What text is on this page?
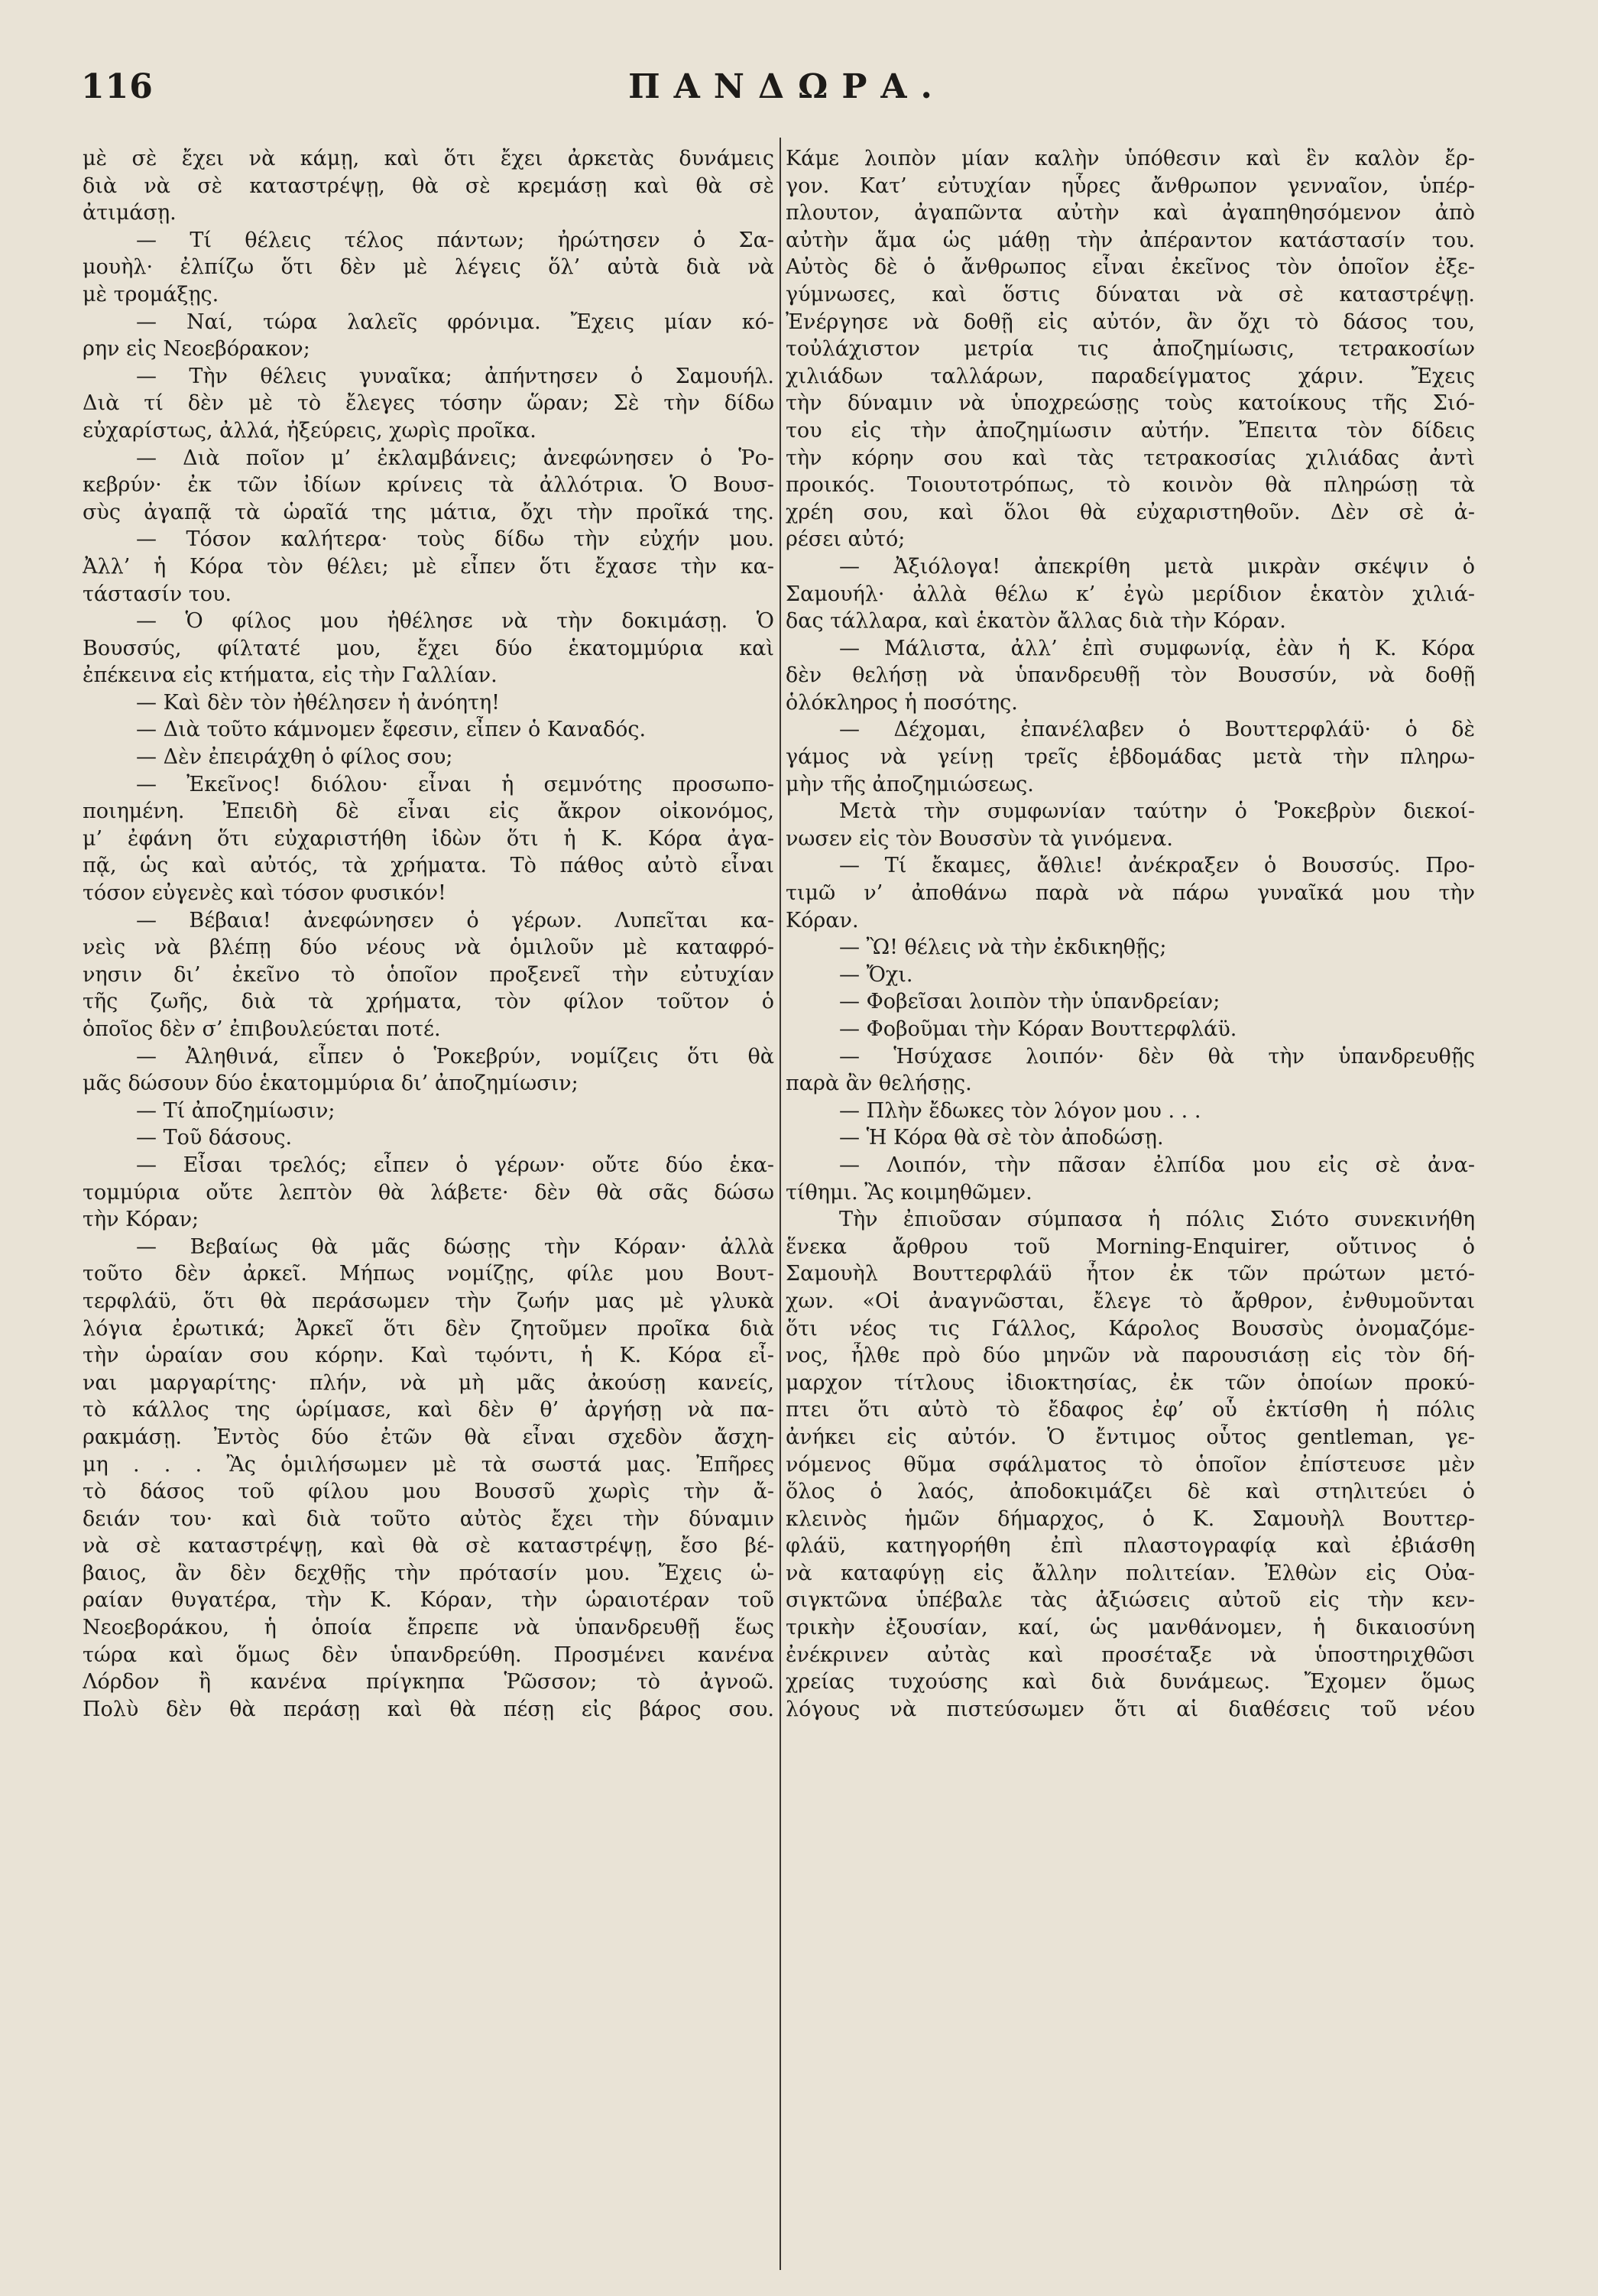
116	ΠΑΝΔΩΡΑ.
μὲ σὲ ἔχει νὰ κάμῃ, καὶ ὅτι ἔχει ἀρκετὰς δυνάμεις
διὰ νὰ σὲ καταστρέψῃ, θὰ σὲ κρεμάσῃ καὶ θὰ σὲ
ἀτιμάσῃ.
— Τί θέλεις τέλος πάντων; ἠρώτησεν ὁ Σα-
μουὴλ· ἐλπίζω ὅτι δὲν μὲ λέγεις ὅλ’ αὐτὰ διὰ νὰ
μὲ τρομάξῃς.
— Ναί, τώρα λαλεῖς φρόνιμα. Ἔχεις μίαν κό-
ρην εἰς Νεοεβόρακον;
— Τὴν θέλεις γυναῖκα; ἀπήντησεν ὁ Σαμουήλ.
Διὰ τί δὲν μὲ τὸ ἔλεγες τόσην ὥραν; Σὲ τὴν δίδω
εὐχαρίστως, ἀλλά, ἠξεύρεις, χωρὶς προῖκα.
— Διὰ ποῖον μ’ ἐκλαμβάνεις; ἀνεφώνησεν ὁ Ῥο-
κεβρύν· ἐκ τῶν ἰδίων κρίνεις τὰ ἀλλότρια. Ὁ Βουσ-
σὺς ἀγαπᾷ τὰ ὡραῖά της μάτια, ὄχι τὴν προῖκά της.
— Τόσον καλήτερα· τοὺς δίδω τὴν εὐχήν μου.
Ἀλλ’ ἡ Κόρα τὸν θέλει; μὲ εἶπεν ὅτι ἔχασε τὴν κα-
τάστασίν του.
— Ὁ φίλος μου ἠθέλησε νὰ τὴν δοκιμάσῃ. Ὁ
Βουσσύς, φίλτατέ μου, ἔχει δύο ἑκατομμύρια καὶ
ἐπέκεινα εἰς κτήματα, εἰς τὴν Γαλλίαν.
— Καὶ δὲν τὸν ἠθέλησεν ἡ ἀνόητη!
— Διὰ τοῦτο κάμνομεν ἔφεσιν, εἶπεν ὁ Καναδός.
— Δὲν ἐπειράχθη ὁ φίλος σου;
— Ἐκεῖνος! διόλου· εἶναι ἡ σεμνότης προσωπο-
ποιημένη. Ἐπειδὴ δὲ εἶναι εἰς ἄκρον οἰκονόμος,
μ’ ἐφάνη ὅτι εὐχαριστήθη ἰδὼν ὅτι ἡ Κ. Κόρα ἀγα-
πᾷ, ὡς καὶ αὐτός, τὰ χρήματα. Τὸ πάθος αὐτὸ εἶναι
τόσον εὐγενὲς καὶ τόσον φυσικόν!
— Βέβαια! ἀνεφώνησεν ὁ γέρων. Λυπεῖται κα-
νεὶς νὰ βλέπῃ δύο νέους νὰ ὁμιλοῦν μὲ καταφρό-
νησιν δι’ ἐκεῖνο τὸ ὁποῖον προξενεῖ τὴν εὐτυχίαν
τῆς ζωῆς, διὰ τὰ χρήματα, τὸν φίλον τοῦτον ὁ
ὁποῖος δὲν σ’ ἐπιβουλεύεται ποτέ.
— Ἀληθινά, εἶπεν ὁ Ῥοκεβρύν, νομίζεις ὅτι θὰ
μᾶς δώσουν δύο ἑκατομμύρια δι’ ἀποζημίωσιν;
— Τί ἀποζημίωσιν;
— Τοῦ δάσους.
— Εἶσαι τρελός; εἶπεν ὁ γέρων· οὔτε δύο ἑκα-
τομμύρια οὔτε λεπτὸν θὰ λάβετε· δὲν θὰ σᾶς δώσω
τὴν Κόραν;
— Βεβαίως θὰ μᾶς δώσῃς τὴν Κόραν· ἀλλὰ
τοῦτο δὲν ἀρκεῖ. Μήπως νομίζῃς, φίλε μου Βουτ-
τερφλάϋ, ὅτι θὰ περάσωμεν τὴν ζωήν μας μὲ γλυκὰ
λόγια ἐρωτικά; Ἀρκεῖ ὅτι δὲν ζητοῦμεν προῖκα διὰ
τὴν ὡραίαν σου κόρην. Καὶ τῳόντι, ἡ Κ. Κόρα εἶ-
ναι μαργαρίτης· πλήν, νὰ μὴ μᾶς ἀκούσῃ κανείς,
τὸ κάλλος της ὡρίμασε, καὶ δὲν θ’ ἀργήσῃ νὰ πα-
ρακμάσῃ. Ἐντὸς δύο ἐτῶν θὰ εἶναι σχεδὸν ἄσχη-
μη . . . Ἂς ὁμιλήσωμεν μὲ τὰ σωστά μας. Ἐπῆρες
τὸ δάσος τοῦ φίλου μου Βουσσῦ χωρὶς τὴν ἄ-
δειάν του· καὶ διὰ τοῦτο αὐτὸς ἔχει τὴν δύναμιν
νὰ σὲ καταστρέψῃ, καὶ θὰ σὲ καταστρέψῃ, ἔσο βέ-
βαιος, ἂν δὲν δεχθῇς τὴν πρότασίν μου. Ἔχεις ὡ-
ραίαν θυγατέρα, τὴν Κ. Κόραν, τὴν ὡραιοτέραν τοῦ
Νεοεβοράκου, ἡ ὁποία ἔπρεπε νὰ ὑπανδρευθῇ ἕως
τώρα καὶ ὅμως δὲν ὑπανδρεύθη. Προσμένει κανένα
Λόρδον ἢ κανένα πρίγκηπα Ῥῶσσον; τὸ ἀγνοῶ.
Πολὺ δὲν θὰ περάσῃ καὶ θὰ πέσῃ εἰς βάρος σου.
Κάμε λοιπὸν μίαν καλὴν ὑπόθεσιν καὶ ἓν καλὸν ἔρ-
γον. Κατ’ εὐτυχίαν ηὗρες ἄνθρωπον γενναῖον, ὑπέρ-
πλουτον, ἀγαπῶντα αὐτὴν καὶ ἀγαπηθησόμενον ἀπὸ
αὐτὴν ἅμα ὡς μάθῃ τὴν ἀπέραντον κατάστασίν του.
Αὐτὸς δὲ ὁ ἄνθρωπος εἶναι ἐκεῖνος τὸν ὁποῖον ἐξε-
γύμνωσες, καὶ ὅστις δύναται νὰ σὲ καταστρέψῃ.
Ἐνέργησε νὰ δοθῇ εἰς αὐτόν, ἂν ὄχι τὸ δάσος του,
τοὐλάχιστον μετρία τις ἀποζημίωσις, τετρακοσίων
χιλιάδων ταλλάρων, παραδείγματος χάριν. Ἔχεις
τὴν δύναμιν νὰ ὑποχρεώσῃς τοὺς κατοίκους τῆς Σιό-
του εἰς τὴν ἀποζημίωσιν αὐτήν. Ἔπειτα τὸν δίδεις
τὴν κόρην σου καὶ τὰς τετρακοσίας χιλιάδας ἀντὶ
προικός. Τοιουτοτρόπως, τὸ κοινὸν θὰ πληρώσῃ τὰ
χρέη σου, καὶ ὅλοι θὰ εὐχαριστηθοῦν. Δὲν σὲ ἀ-
ρέσει αὐτό;
— Ἀξιόλογα! ἀπεκρίθη μετὰ μικρὰν σκέψιν ὁ
Σαμουήλ· ἀλλὰ θέλω κ’ ἐγὼ μερίδιον ἑκατὸν χιλιά-
δας τάλλαρα, καὶ ἑκατὸν ἄλλας διὰ τὴν Κόραν.
— Μάλιστα, ἀλλ’ ἐπὶ συμφωνίᾳ, ἐὰν ἡ Κ. Κόρα
δὲν θελήσῃ νὰ ὑπανδρευθῇ τὸν Βουσσύν, νὰ δοθῇ
ὁλόκληρος ἡ ποσότης.
— Δέχομαι, ἐπανέλαβεν ὁ Βουττερφλάϋ· ὁ δὲ
γάμος νὰ γείνῃ τρεῖς ἑβδομάδας μετὰ τὴν πληρω-
μὴν τῆς ἀποζημιώσεως.
Μετὰ τὴν συμφωνίαν ταύτην ὁ Ῥοκεβρὺν διεκοί-
νωσεν εἰς τὸν Βουσσὺν τὰ γινόμενα.
— Τί ἔκαμες, ἄθλιε! ἀνέκραξεν ὁ Βουσσύς. Προ-
τιμῶ ν’ ἀποθάνω παρὰ νὰ πάρω γυναῖκά μου τὴν
Κόραν.
— Ὢ! θέλεις νὰ τὴν ἐκδικηθῇς;
— Ὄχι.
— Φοβεῖσαι λοιπὸν τὴν ὑπανδρείαν;
— Φοβοῦμαι τὴν Κόραν Βουττερφλάϋ.
— Ἡσύχασε λοιπόν· δὲν θὰ τὴν ὑπανδρευθῇς
παρὰ ἂν θελήσῃς.
— Πλὴν ἔδωκες τὸν λόγον μου . . .
— Ἡ Κόρα θὰ σὲ τὸν ἀποδώσῃ.
— Λοιπόν, τὴν πᾶσαν ἐλπίδα μου εἰς σὲ ἀνα-
τίθημι. Ἂς κοιμηθῶμεν.
Τὴν ἐπιοῦσαν σύμπασα ἡ πόλις Σιότο συνεκινήθη
ἕνεκα ἄρθρου τοῦ Morning-Enquirer, οὔτινος ὁ
Σαμουὴλ Βουττερφλάϋ ἦτον ἐκ τῶν πρώτων μετό-
χων. «Οἱ ἀναγνῶσται, ἔλεγε τὸ ἄρθρον, ἐνθυμοῦνται
ὅτι νέος τις Γάλλος, Κάρολος Βουσσὺς ὀνομαζόμε-
νος, ἦλθε πρὸ δύο μηνῶν νὰ παρουσιάσῃ εἰς τὸν δή-
μαρχον τίτλους ἰδιοκτησίας, ἐκ τῶν ὁποίων προκύ-
πτει ὅτι αὐτὸ τὸ ἔδαφος ἐφ’ οὗ ἐκτίσθη ἡ πόλις
ἀνήκει εἰς αὐτόν. Ὁ ἔντιμος οὗτος gentleman, γε-
νόμενος θῦμα σφάλματος τὸ ὁποῖον ἐπίστευσε μὲν
ὅλος ὁ λαός, ἀποδοκιμάζει δὲ καὶ στηλιτεύει ὁ
κλεινὸς ἡμῶν δήμαρχος, ὁ Κ. Σαμουὴλ Βουττερ-
φλάϋ, κατηγορήθη ἐπὶ πλαστογραφίᾳ καὶ ἐβιάσθη
νὰ καταφύγῃ εἰς ἄλλην πολιτείαν. Ἐλθὼν εἰς Οὐα-
σιγκτῶνα ὑπέβαλε τὰς ἀξιώσεις αὐτοῦ εἰς τὴν κεν-
τρικὴν ἐξουσίαν, καί, ὡς μανθάνομεν, ἡ δικαιοσύνη
ἐνέκρινεν αὐτὰς καὶ προσέταξε νὰ ὑποστηριχθῶσι
χρείας τυχούσης καὶ διὰ δυνάμεως. Ἔχομεν ὅμως
λόγους νὰ πιστεύσωμεν ὅτι αἱ διαθέσεις τοῦ νέου
